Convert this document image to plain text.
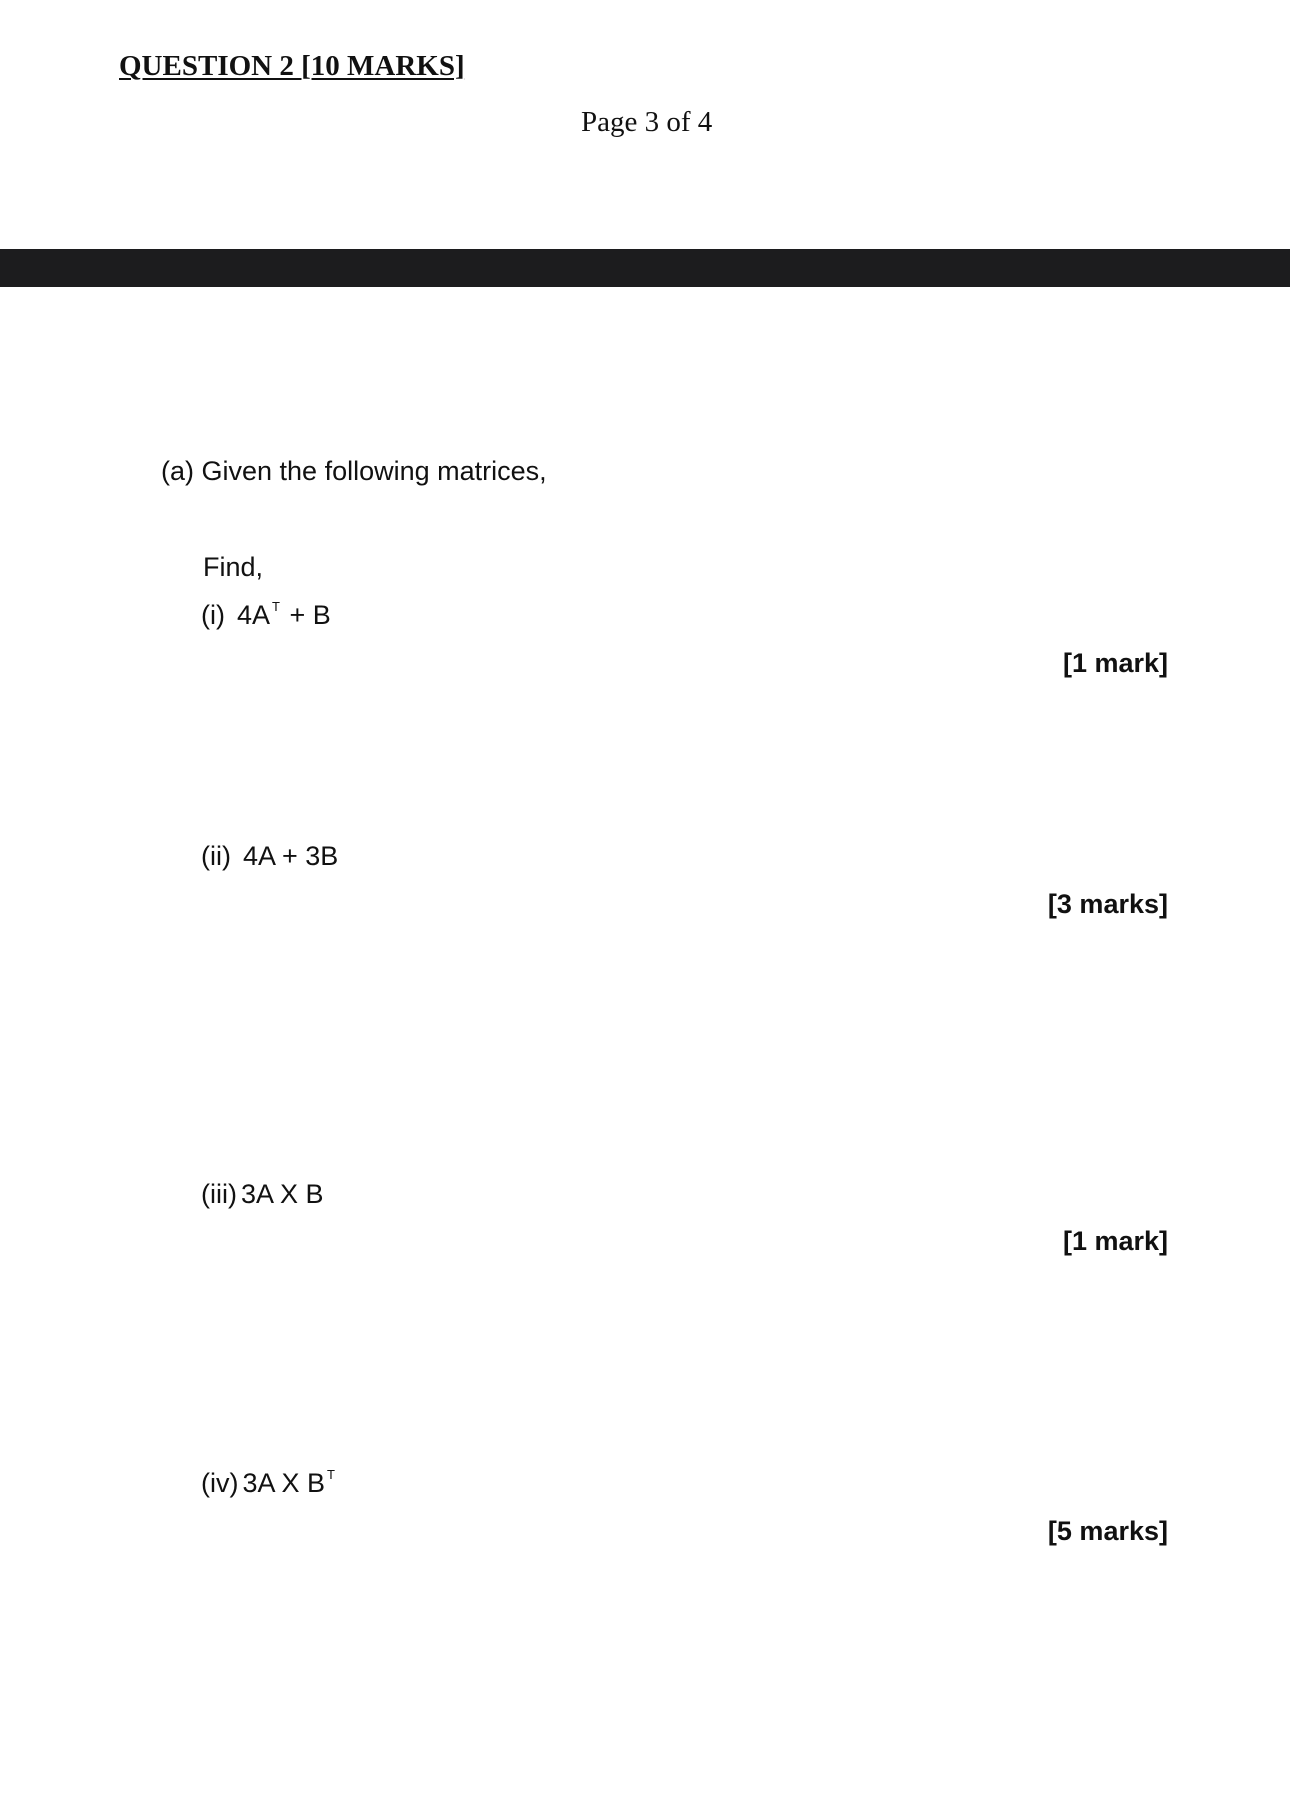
QUESTION 2 [10 MARKS]
Page 3 of 4
(a) Given the following matrices,
Find,
(i) 4A $^T$ + B
[1 mark]
(ii) 4A + 3B
[3 marks]
(iii) 3A X B
[1 mark]
(iv) 3A X B $^T$
[5 marks]
